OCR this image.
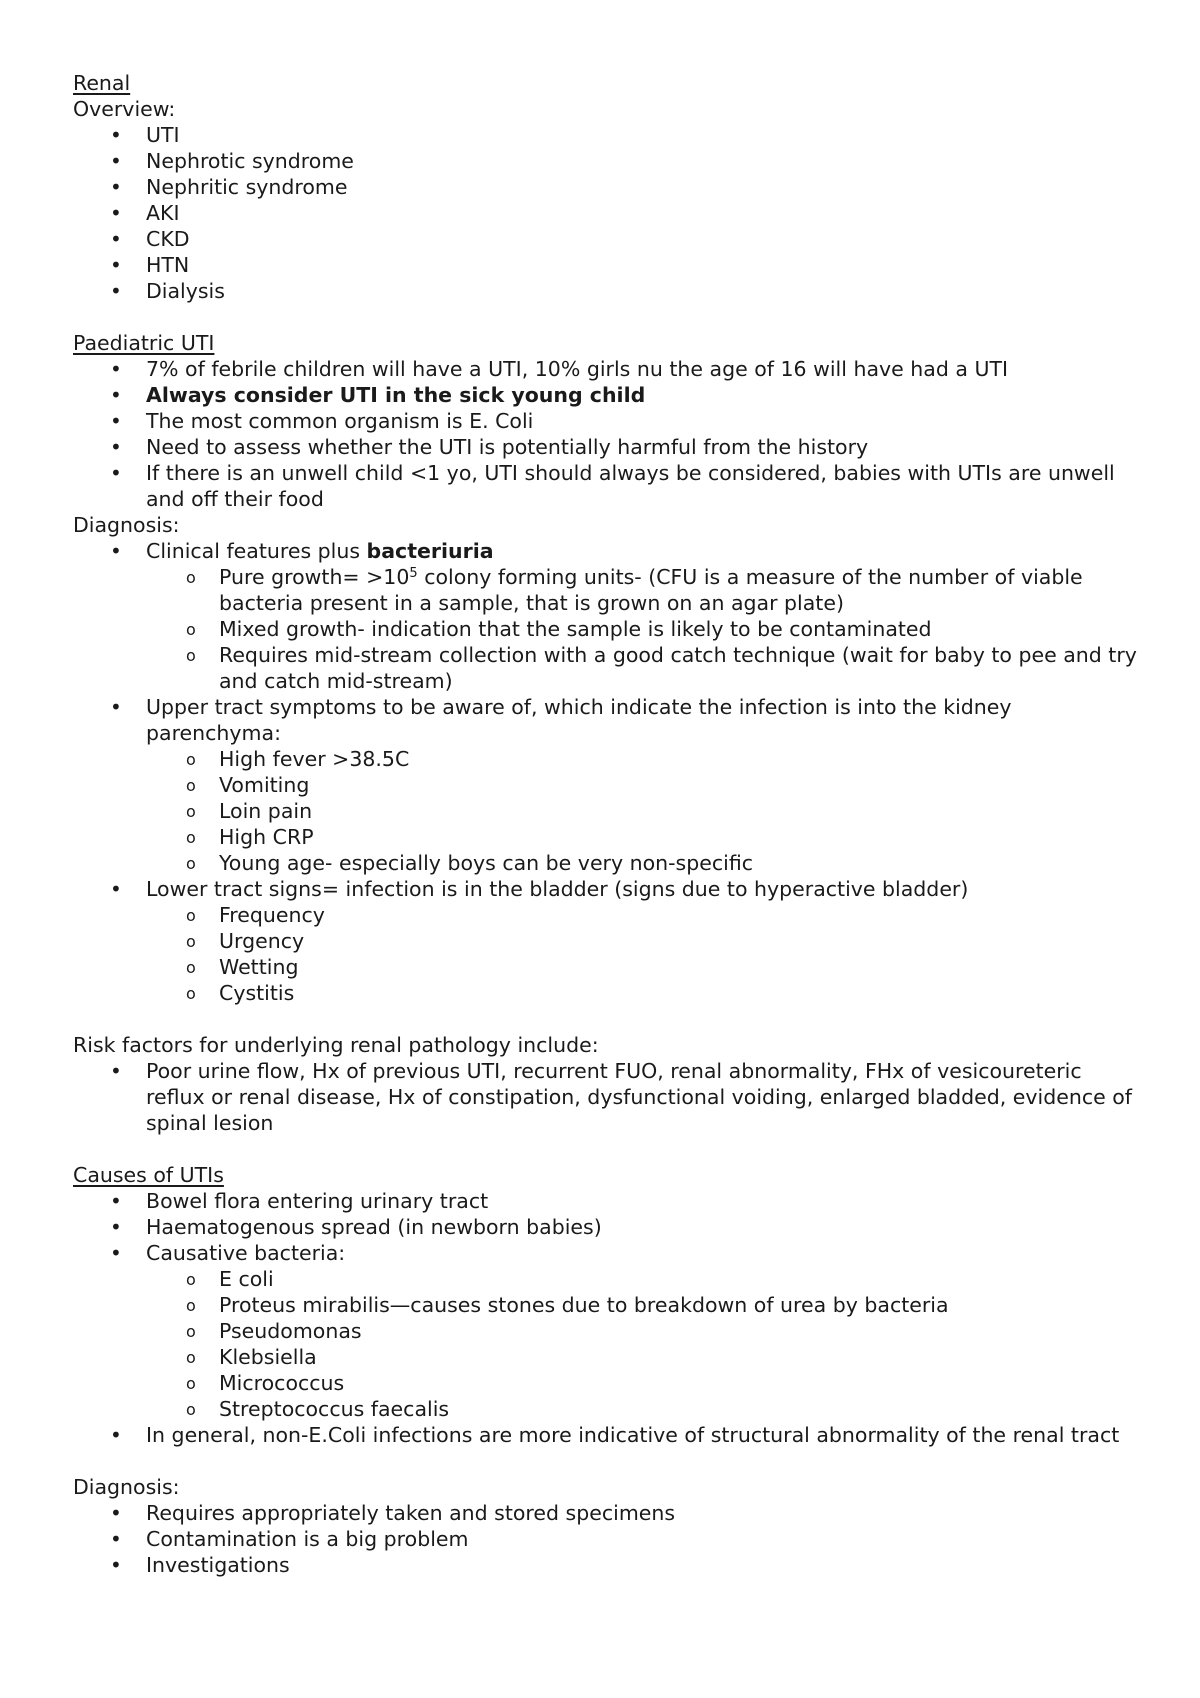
Renal
Overview:
•	UTI
•	Nephrotic syndrome
•	Nephritic syndrome
•	AKI
•	CKD
•	HTN
•	Dialysis
Paediatric UTI
•	7% of febrile children will have a UTI, 10% girls nu the age of 16 will have had a UTI
•	Always consider UTI in the sick young child
•	The most common organism is E. Coli
•	Need to assess whether the UTI is potentially harmful from the history
•	If there is an unwell child <1 yo, UTI should always be considered, babies with UTIs are unwell and off their food
Diagnosis:
•	Clinical features plus bacteriuria
o Pure growth= $>10^5$ colony forming units- (CFU is a measure of the number of viable bacteria present in a sample, that is grown on an agar plate)
o Mixed growth- indication that the sample is likely to be contaminated
o Requires mid-stream collection with a good catch technique (wait for baby to pee and try and catch mid-stream)
•	Upper tract symptoms to be aware of, which indicate the infection is into the kidney parenchyma:
o High fever >38.5C
o Vomiting
o Loin pain
o High CRP
o Young age- especially boys can be very non-specific
•	Lower tract signs= infection is in the bladder (signs due to hyperactive bladder)
o Frequency
o Urgency
o Wetting
o Cystitis
Risk factors for underlying renal pathology include:
•	Poor urine flow, Hx of previous UTI, recurrent FUO, renal abnormality, FHx of vesicoureteric reflux or renal disease, Hx of constipation, dysfunctional voiding, enlarged bladded, evidence of spinal lesion
Causes of UTIs
•	Bowel flora entering urinary tract
•	Haematogenous spread (in newborn babies)
•	Causative bacteria:
o E coli
o Proteus mirabilis—causes stones due to breakdown of urea by bacteria
o Pseudomonas
o Klebsiella
o Micrococcus
o Streptococcus faecalis
•	In general, non-E.Coli infections are more indicative of structural abnormality of the renal tract
Diagnosis:
•	Requires appropriately taken and stored specimens
•	Contamination is a big problem
•	Investigations
